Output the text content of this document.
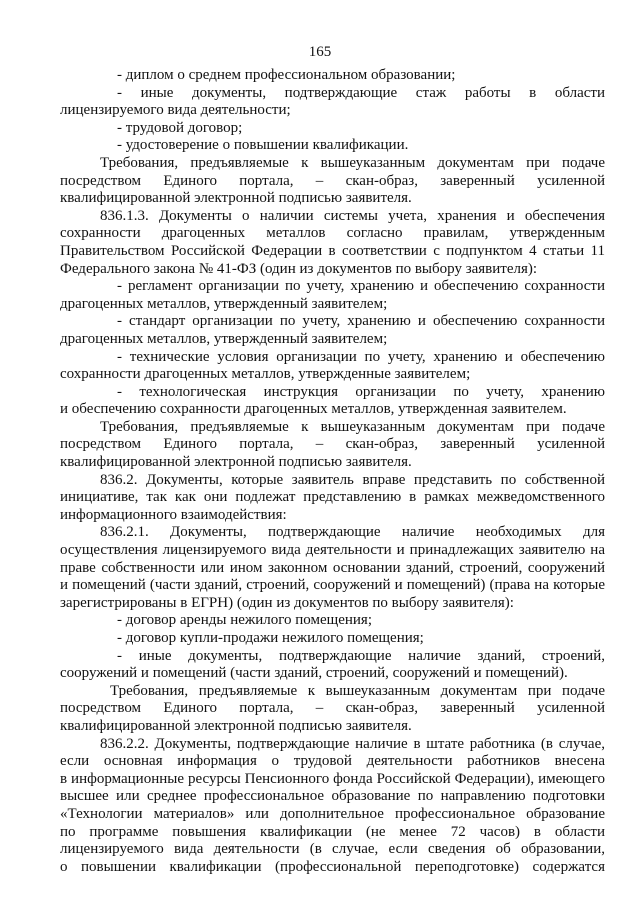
165
- диплом о среднем профессиональном образовании;
- иные документы, подтверждающие стаж работы в области
лицензируемого вида деятельности;
- трудовой договор;
- удостоверение о повышении квалификации.
Требования, предъявляемые к вышеуказанным документам при подаче
посредством Единого портала, – скан-образ, заверенный усиленной
квалифицированной электронной подписью заявителя.
836.1.3. Документы о наличии системы учета, хранения и обеспечения
сохранности драгоценных металлов согласно правилам, утвержденным
Правительством Российской Федерации в соответствии с подпунктом 4 статьи 11
Федерального закона № 41-ФЗ (один из документов по выбору заявителя):
- регламент организации по учету, хранению и обеспечению сохранности
драгоценных металлов, утвержденный заявителем;
- стандарт организации по учету, хранению и обеспечению сохранности
драгоценных металлов, утвержденный заявителем;
- технические условия организации по учету, хранению и обеспечению
сохранности драгоценных металлов, утвержденные заявителем;
- технологическая инструкция организации по учету, хранению
и обеспечению сохранности драгоценных металлов, утвержденная заявителем.
Требования, предъявляемые к вышеуказанным документам при подаче
посредством Единого портала, – скан-образ, заверенный усиленной
квалифицированной электронной подписью заявителя.
836.2. Документы, которые заявитель вправе представить по собственной
инициативе, так как они подлежат представлению в рамках межведомственного
информационного взаимодействия:
836.2.1. Документы, подтверждающие наличие необходимых для
осуществления лицензируемого вида деятельности и принадлежащих заявителю на
праве собственности или ином законном основании зданий, строений, сооружений
и помещений (части зданий, строений, сооружений и помещений) (права на которые
зарегистрированы в ЕГРН) (один из документов по выбору заявителя):
- договор аренды нежилого помещения;
- договор купли-продажи нежилого помещения;
- иные документы, подтверждающие наличие зданий, строений,
сооружений и помещений (части зданий, строений, сооружений и помещений).
Требования, предъявляемые к вышеуказанным документам при подаче
посредством Единого портала, – скан-образ, заверенный усиленной
квалифицированной электронной подписью заявителя.
836.2.2. Документы, подтверждающие наличие в штате работника (в случае,
если основная информация о трудовой деятельности работников внесена
в информационные ресурсы Пенсионного фонда Российской Федерации), имеющего
высшее или среднее профессиональное образование по направлению подготовки
«Технологии материалов» или дополнительное профессиональное образование
по программе повышения квалификации (не менее 72 часов) в области
лицензируемого вида деятельности (в случае, если сведения об образовании,
о повышении квалификации (профессиональной переподготовке) содержатся
